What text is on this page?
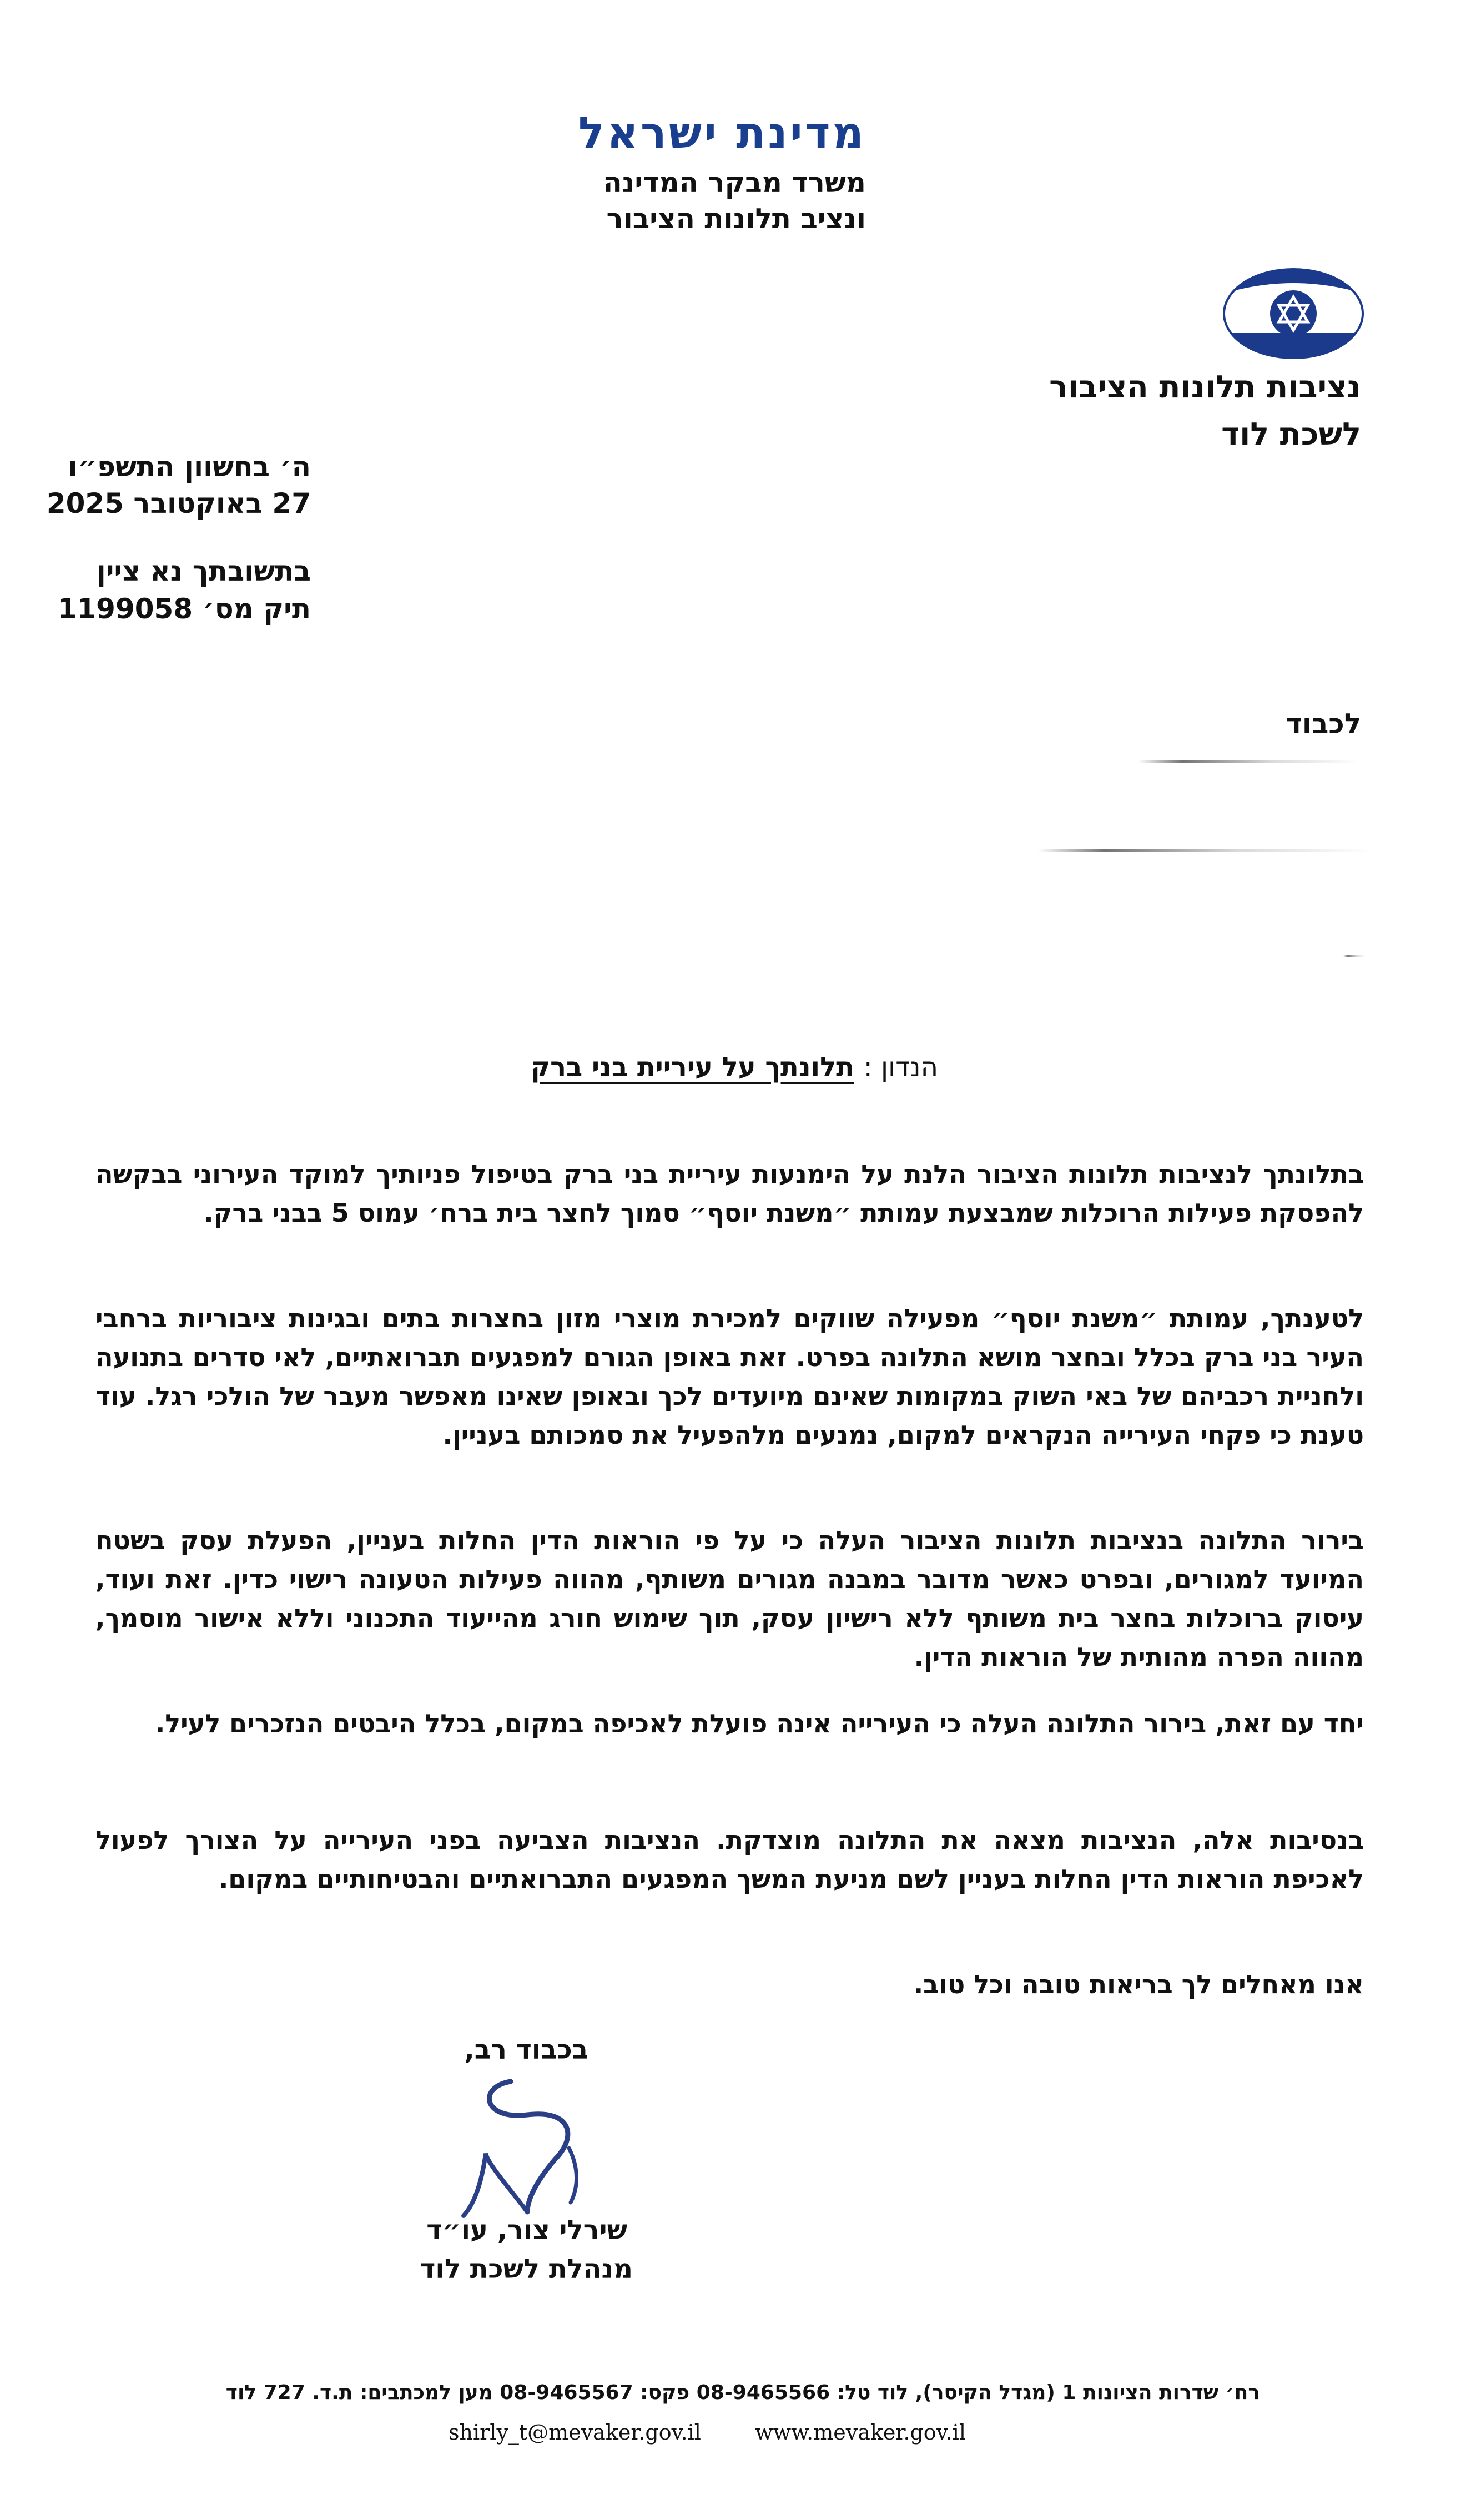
מדינת ישראל
משרד מבקר המדינה
ונציב תלונות הציבור
נציבות תלונות הציבור
לשכת לוד
ה׳ בחשוון התשפ״ו
27 באוקטובר 2025
בתשובתך נא ציין
תיק מס׳ 1199058
לכבוד
הנדון : תלונתך על עיריית בני ברק
בתלונתך לנציבות תלונות הציבור הלנת על הימנעות עיריית בני ברק בטיפול פניותיך למוקד העירוני בבקשה להפסקת פעילות הרוכלות שמבצעת עמותת ״משנת יוסף״ סמוך לחצר בית ברח׳ עמוס 5 בבני ברק.
לטענתך, עמותת ״משנת יוסף״ מפעילה שווקים למכירת מוצרי מזון בחצרות בתים ובגינות ציבוריות ברחבי העיר בני ברק בכלל ובחצר מושא התלונה בפרט. זאת באופן הגורם למפגעים תברואתיים, לאי סדרים בתנועה ולחניית רכביהם של באי השוק במקומות שאינם מיועדים לכך ובאופן שאינו מאפשר מעבר של הולכי רגל. עוד טענת כי פקחי העירייה הנקראים למקום, נמנעים מלהפעיל את סמכותם בעניין.
בירור התלונה בנציבות תלונות הציבור העלה כי על פי הוראות הדין החלות בעניין, הפעלת עסק בשטח המיועד למגורים, ובפרט כאשר מדובר במבנה מגורים משותף, מהווה פעילות הטעונה רישוי כדין. זאת ועוד, עיסוק ברוכלות בחצר בית משותף ללא רישיון עסק, תוך שימוש חורג מהייעוד התכנוני וללא אישור מוסמך, מהווה הפרה מהותית של הוראות הדין.
יחד עם זאת, בירור התלונה העלה כי העירייה אינה פועלת לאכיפה במקום, בכלל היבטים הנזכרים לעיל.
בנסיבות אלה, הנציבות מצאה את התלונה מוצדקת. הנציבות הצביעה בפני העירייה על הצורך לפעול לאכיפת הוראות הדין החלות בעניין לשם מניעת המשך המפגעים התברואתיים והבטיחותיים במקום.
אנו מאחלים לך בריאות טובה וכל טוב.
בכבוד רב,
שירלי צור, עו״ד
מנהלת לשכת לוד
רח׳ שדרות הציונות 1 (מגדל הקיסר), לוד טל: 08-9465566 פקס: 08-9465567 מען למכתבים: ת.ד. 727 לוד
shirly_t@mevaker.gov.il	www.mevaker.gov.il
